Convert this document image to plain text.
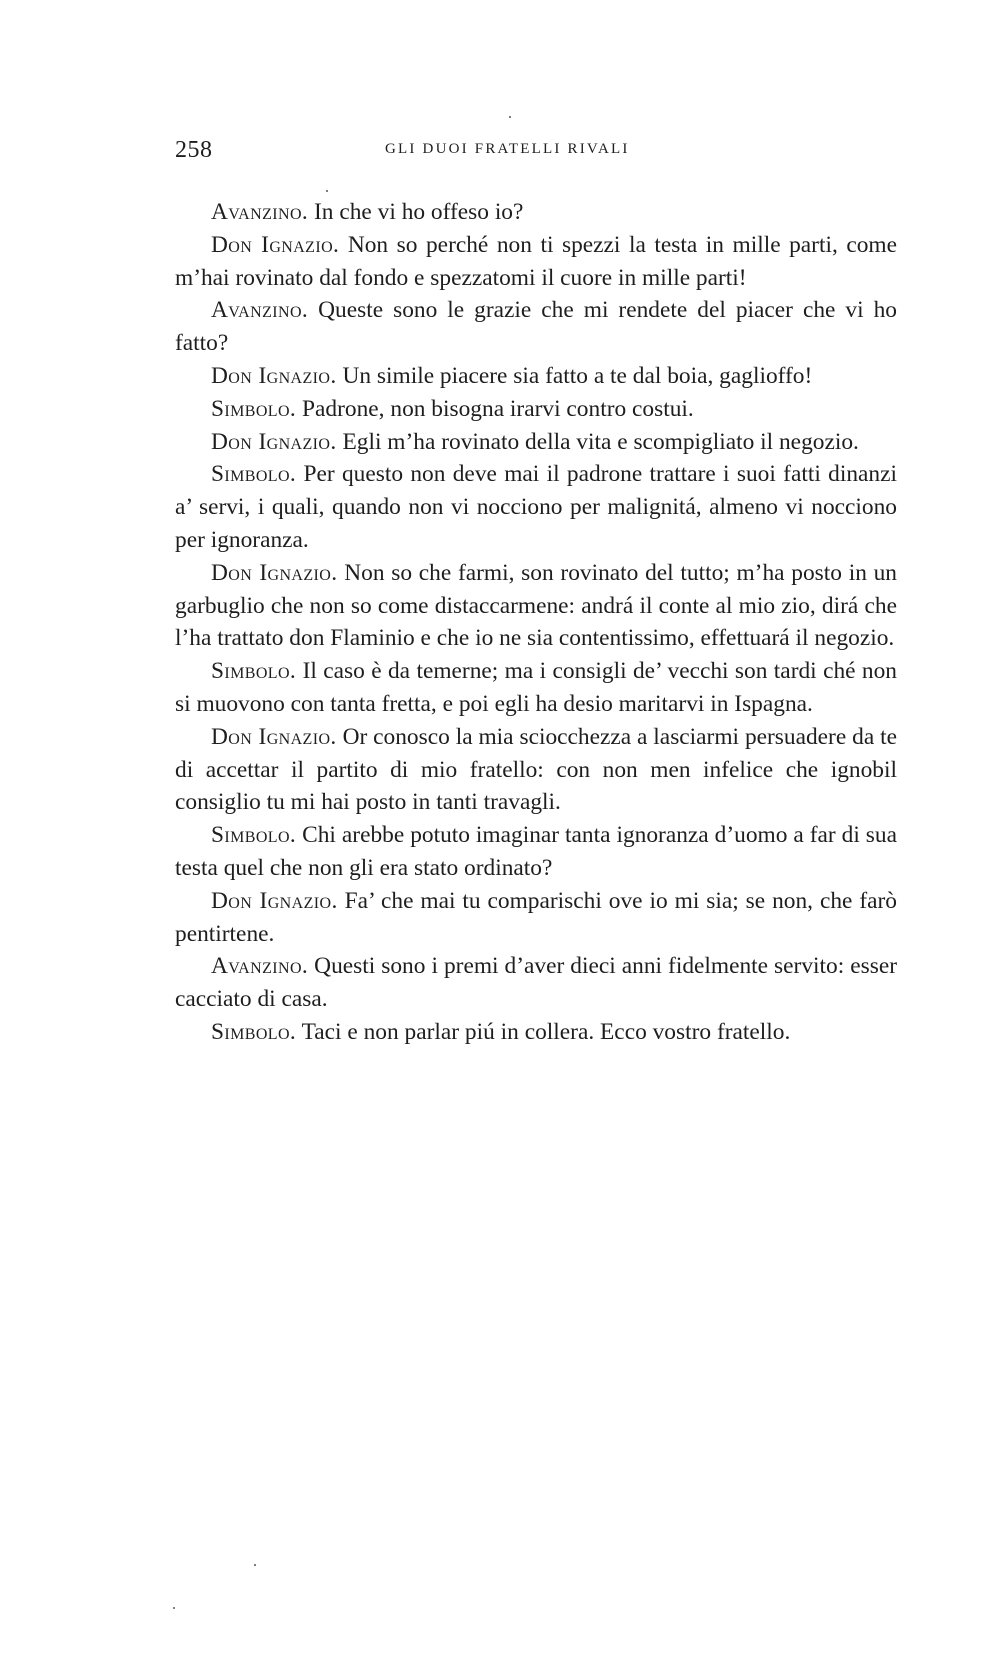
258	GLI DUOI FRATELLI RIVALI

Avanzino. In che vi ho offeso io?

Don Ignazio. Non so perché non ti spezzi la testa in mille parti, come m’hai rovinato dal fondo e spezzatomi il cuore in mille parti!

Avanzino. Queste sono le grazie che mi rendete del piacer che vi ho fatto?

Don Ignazio. Un simile piacere sia fatto a te dal boia, gaglioffo!

Simbolo. Padrone, non bisogna irarvi contro costui.

Don Ignazio. Egli m’ha rovinato della vita e scompigliato il negozio.

Simbolo. Per questo non deve mai il padrone trattare i suoi fatti dinanzi a’ servi, i quali, quando non vi nocciono per malignitá, almeno vi nocciono per ignoranza.

Don Ignazio. Non so che farmi, son rovinato del tutto; m’ha posto in un garbuglio che non so come distaccarmene: andrá il conte al mio zio, dirá che l’ha trattato don Flaminio e che io ne sia contentissimo, effettuará il negozio.

Simbolo. Il caso è da temerne; ma i consigli de’ vecchi son tardi ché non si muovono con tanta fretta, e poi egli ha desio maritarvi in Ispagna.

Don Ignazio. Or conosco la mia sciocchezza a lasciarmi persuadere da te di accettar il partito di mio fratello: con non men infelice che ignobil consiglio tu mi hai posto in tanti travagli.

Simbolo. Chi arebbe potuto imaginar tanta ignoranza d’uomo a far di sua testa quel che non gli era stato ordinato?

Don Ignazio. Fa’ che mai tu comparischi ove io mi sia; se non, che farò pentirtene.

Avanzino. Questi sono i premi d’aver dieci anni fidelmente servito: esser cacciato di casa.

Simbolo. Taci e non parlar piú in collera. Ecco vostro fratello.
